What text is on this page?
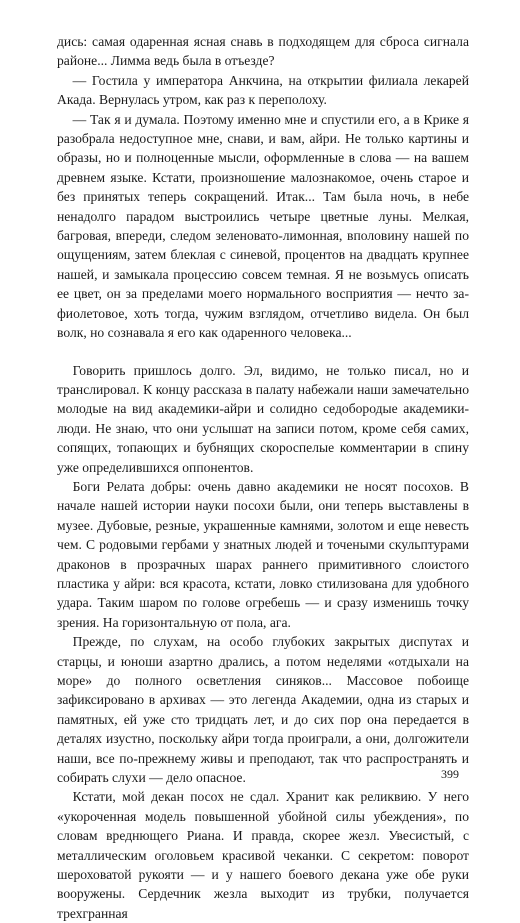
дись: самая одаренная ясная снавь в подходящем для сброса сигнала районе... Лимма ведь была в отъезде?

— Гостила у императора Анкчина, на открытии филиала лекарей Акада. Вернулась утром, как раз к переполоху.

— Так я и думала. Поэтому именно мне и спустили его, а в Крике я разобрала недоступное мне, снави, и вам, айри. Не только картины и образы, но и полноценные мысли, оформленные в слова — на вашем древнем языке. Кстати, произношение малознакомое, очень старое и без принятых теперь сокращений. Итак... Там была ночь, в небе ненадолго парадом выстроились четыре цветные луны. Мелкая, багровая, впереди, следом зеленовато-лимонная, вполовину нашей по ощущениям, затем блеклая с синевой, процентов на двадцать крупнее нашей, и замыкала процессию совсем темная. Я не возьмусь описать ее цвет, он за пределами моего нормального восприятия — нечто за-фиолетовое, хоть тогда, чужим взглядом, отчетливо видела. Он был волк, но сознавала я его как одаренного человека...

Говорить пришлось долго. Эл, видимо, не только писал, но и транслировал. К концу рассказа в палату набежали наши замечательно молодые на вид академики-айри и солидно седобородые академики-люди. Не знаю, что они услышат на записи потом, кроме себя самих, сопящих, топающих и бубнящих скороспелые комментарии в спину уже определившихся оппонентов.

Боги Релата добры: очень давно академики не носят посохов. В начале нашей истории науки посохи были, они теперь выставлены в музее. Дубовые, резные, украшенные камнями, золотом и еще невесть чем. С родовыми гербами у знатных людей и точеными скульптурами драконов в прозрачных шарах раннего примитивного слоистого пластика у айри: вся красота, кстати, ловко стилизована для удобного удара. Таким шаром по голове огребешь — и сразу изменишь точку зрения. На горизонтальную от пола, ага.

Прежде, по слухам, на особо глубоких закрытых диспутах и старцы, и юноши азартно дрались, а потом неделями «отдыхали на море» до полного осветления синяков... Массовое побоище зафиксировано в архивах — это легенда Академии, одна из старых и памятных, ей уже сто тридцать лет, и до сих пор она передается в деталях изустно, поскольку айри тогда проиграли, а они, долгожители наши, все по-прежнему живы и преподают, так что распространять и собирать слухи — дело опасное.

Кстати, мой декан посох не сдал. Хранит как реликвию. У него «укороченная модель повышенной убойной силы убеждения», по словам вреднющего Риана. И правда, скорее жезл. Увесистый, с металлическим оголовьем красивой чеканки. С секретом: поворот шероховатой рукояти — и у нашего боевого декана уже обе руки вооружены. Сердечник жезла выходит из трубки, получается трехгранная

399
